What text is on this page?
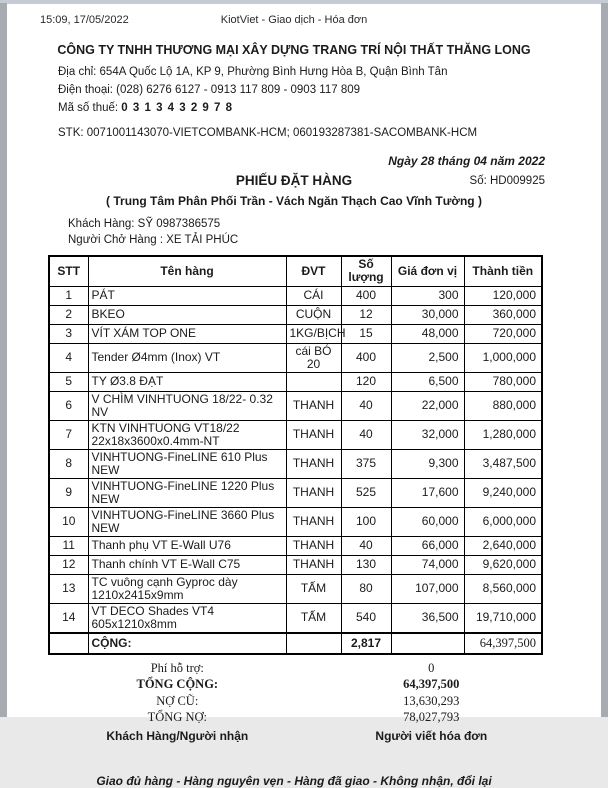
15:09, 17/05/2022	KiotViet - Giao dịch - Hóa đơn
CÔNG TY TNHH THƯƠNG MẠI XÂY DỰNG TRANG TRÍ NỘI THẤT THĂNG LONG
Địa chỉ: 654A Quốc Lộ 1A, KP 9, Phường Bình Hưng Hòa B, Quận Bình Tân
Điện thoại: (028) 6276 6127 - 0913 117 809 - 0903 117 809
Mã số thuế: 0 3 1 3 4 3 2 9 7 8
STK: 0071001143070-VIETCOMBANK-HCM; 060193287381-SACOMBANK-HCM
Ngày 28 tháng 04 năm 2022
PHIẾU ĐẶT HÀNG	Số: HD009925
( Trung Tâm Phân Phối Trần - Vách Ngăn Thạch Cao Vĩnh Tường )
Khách Hàng: SỸ 0987386575
Người Chở Hàng : XE TẢI PHÚC
STT	Tên hàng	ĐVT	Số lượng	Giá đơn vị	Thành tiền
1	PÁT	CÁI	400	300	120,000
2	BKEO	CUỘN	12	30,000	360,000
3	VÍT XÁM TOP ONE	1KG/BỊCH	15	48,000	720,000
4	Tender Ø4mm (Inox) VT	cái BÓ 20	400	2,500	1,000,000
5	TY Ø3.8 ĐẠT		120	6,500	780,000
6	V CHÌM VINHTUONG 18/22- 0.32 NV	THANH	40	22,000	880,000
7	KTN VINHTUONG VT18/22 22x18x3600x0.4mm-NT	THANH	40	32,000	1,280,000
8	VINHTUONG-FineLINE 610 Plus NEW	THANH	375	9,300	3,487,500
9	VINHTUONG-FineLINE 1220 Plus NEW	THANH	525	17,600	9,240,000
10	VINHTUONG-FineLINE 3660 Plus NEW	THANH	100	60,000	6,000,000
11	Thanh phụ VT E-Wall U76	THANH	40	66,000	2,640,000
12	Thanh chính VT E-Wall C75	THANH	130	74,000	9,620,000
13	TC vuông cạnh Gyproc dày 1210x2415x9mm	TẤM	80	107,000	8,560,000
14	VT DECO Shades VT4 605x1210x8mm	TẤM	540	36,500	19,710,000
	CỘNG:		2,817		64,397,500
Phí hỗ trợ:	0
TỔNG CỘNG:	64,397,500
NỢ CŨ:	13,630,293
TỔNG NỢ:	78,027,793
Khách Hàng/Người nhận	Người viết hóa đơn
Giao đủ hàng - Hàng nguyên vẹn - Hàng đã giao - Không nhận, đổi lại
